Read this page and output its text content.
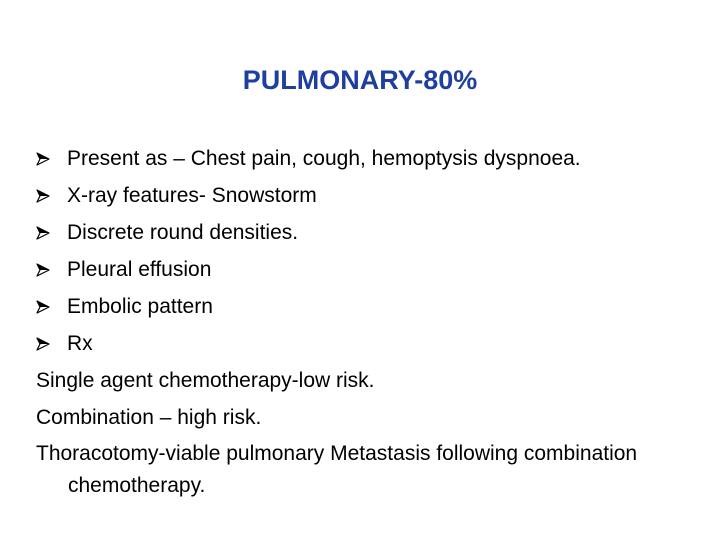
PULMONARY-80%
Present as – Chest pain, cough, hemoptysis dyspnoea.
X-ray features- Snowstorm
Discrete round densities.
Pleural effusion
Embolic pattern
Rx
Single agent chemotherapy-low risk.
Combination – high risk.
Thoracotomy-viable pulmonary Metastasis following combination chemotherapy.
